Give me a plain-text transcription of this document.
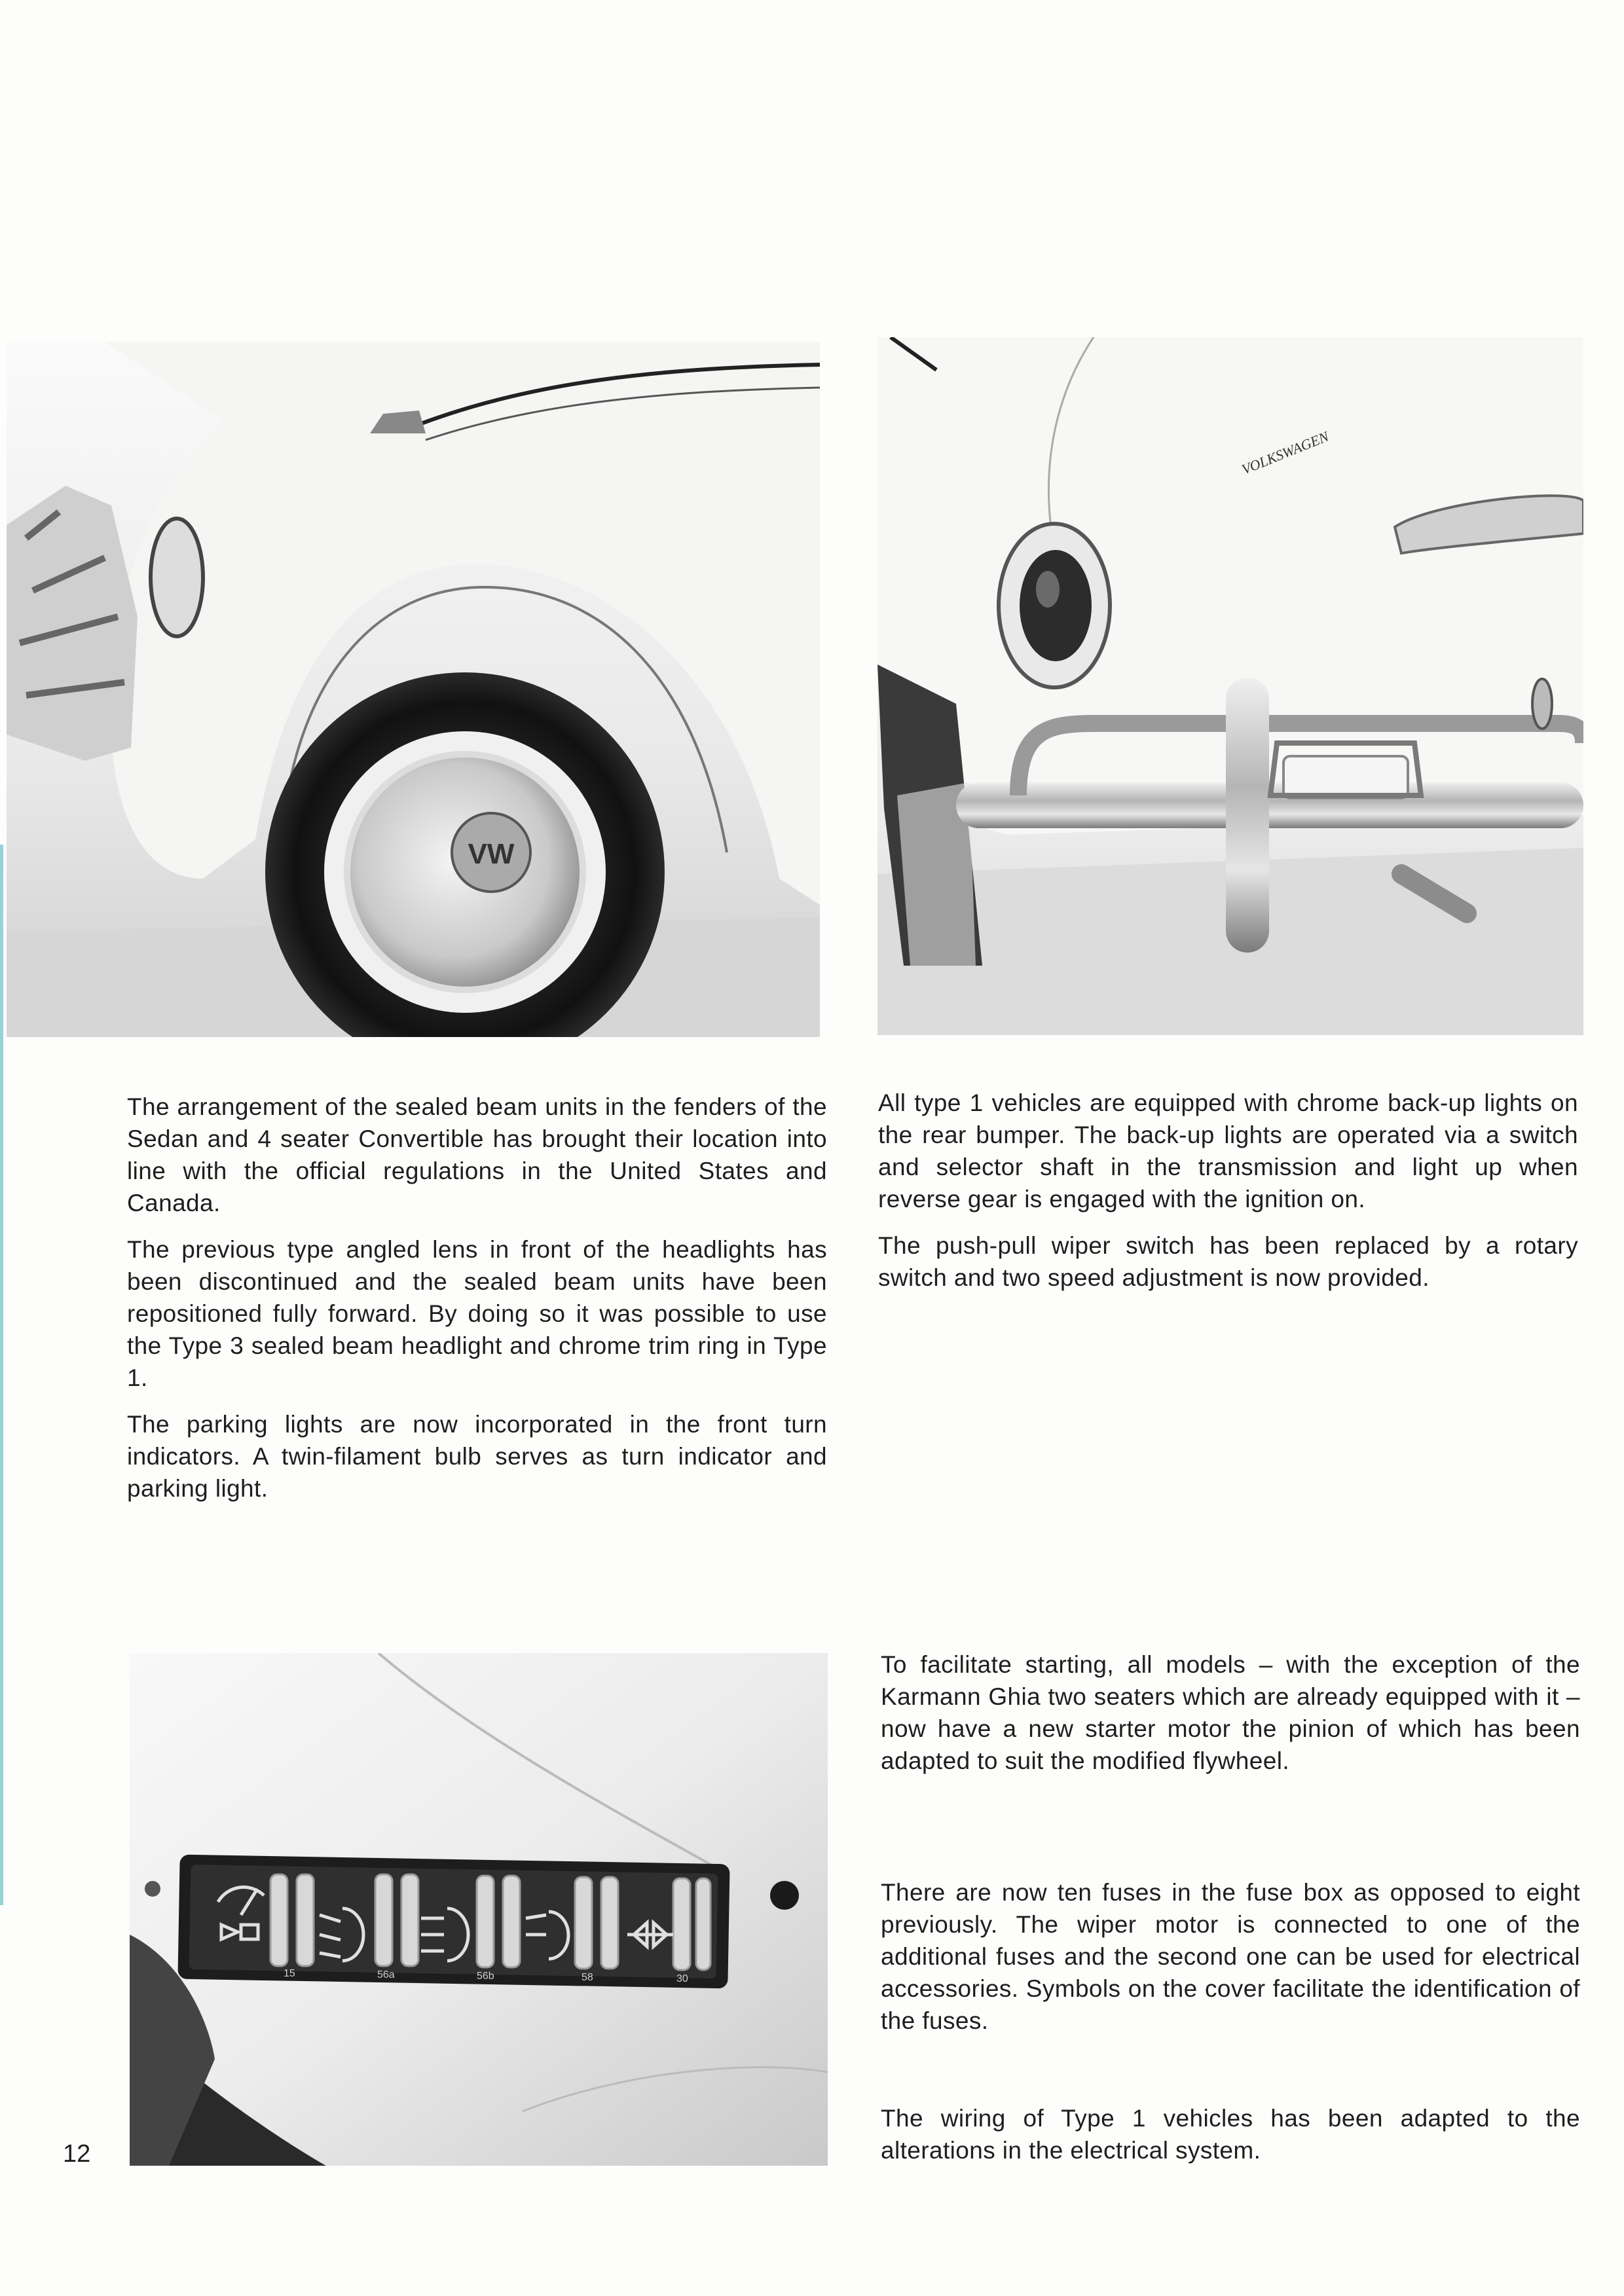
VW
VOLKSWAGEN
15	56a	56b	58	30

The arrangement of the sealed beam units in the fenders of the Sedan and 4 seater Convertible has brought their location into line with the official regulations in the United States and Canada.

The previous type angled lens in front of the headlights has been discontinued and the sealed beam units have been repositioned fully forward. By doing so it was possible to use the Type 3 sealed beam headlight and chrome trim ring in Type 1.

The parking lights are now incorporated in the front turn indicators. A twin-filament bulb serves as turn indicator and parking light.

All type 1 vehicles are equipped with chrome back-up lights on the rear bumper. The back-up lights are operated via a switch and selector shaft in the transmission and light up when reverse gear is engaged with the ignition on.

The push-pull wiper switch has been replaced by a rotary switch and two speed adjustment is now provided.

To facilitate starting, all models – with the exception of the Karmann Ghia two seaters which are already equipped with it – now have a new starter motor the pinion of which has been adapted to suit the modified flywheel.

There are now ten fuses in the fuse box as opposed to eight previously. The wiper motor is connected to one of the additional fuses and the second one can be used for electrical accessories. Symbols on the cover facilitate the identification of the fuses.

The wiring of Type 1 vehicles has been adapted to the alterations in the electrical system.

12
